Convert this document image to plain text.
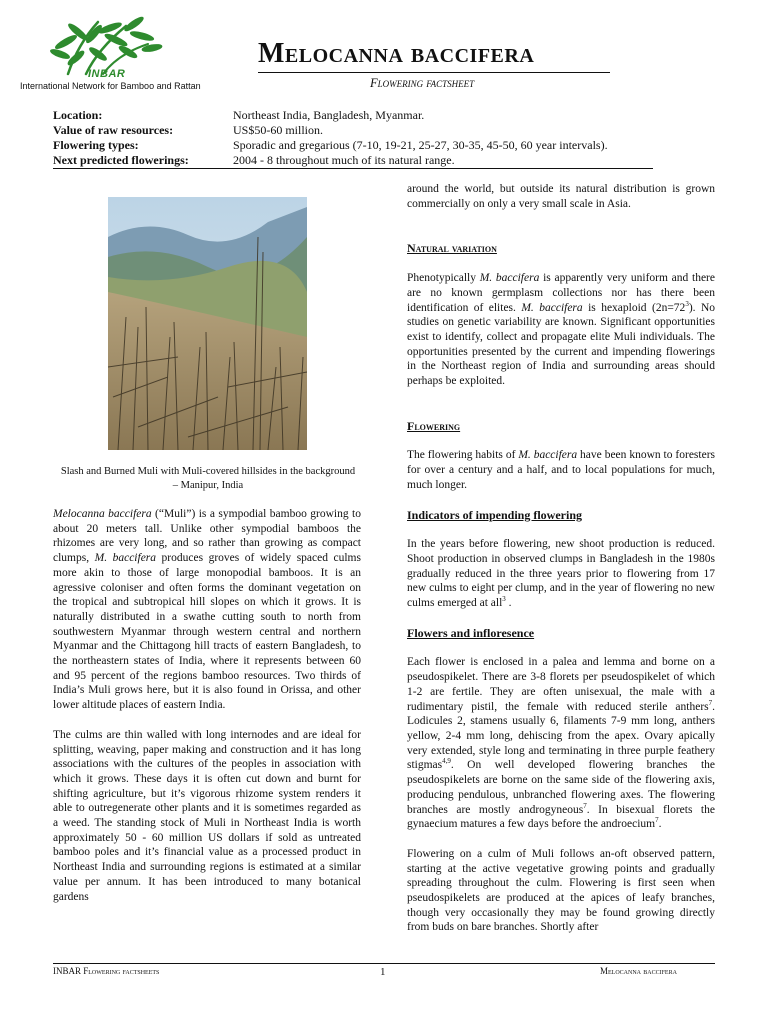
INBAR
International Network for Bamboo and Rattan
Melocanna baccifera
Flowering factsheet
Location:	Northeast India, Bangladesh, Myanmar.
Value of raw resources:	US$50-60 million.
Flowering types:	Sporadic and gregarious (7-10, 19-21, 25-27, 30-35, 45-50, 60 year intervals).
Next predicted flowerings:	2004 - 8 throughout much of its natural range.
Slash and Burned Muli with Muli-covered hillsides in the background – Manipur, India

Melocanna baccifera (“Muli”) is a sympodial bamboo growing to about 20 meters tall. Unlike other sympodial bamboos the rhizomes are very long, and so rather than growing as compact clumps, M. baccifera produces groves of widely spaced culms more akin to those of large monopodial bamboos. It is an agressive coloniser and often forms the dominant vegetation on the tropical and subtropical hill slopes on which it grows. It is naturally distributed in a swathe cutting south to north from southwestern Myanmar through western central and northern Myanmar and the Chittagong hill tracts of eastern Bangladesh, to the northeastern states of India, where it represents between 60 and 95 percent of the regions bamboo resources. Two thirds of India’s Muli grows here, but it is also found in Orissa, and other lower altitude places of eastern India.

The culms are thin walled with long internodes and are ideal for splitting, weaving, paper making and construction and it has long associations with the cultures of the peoples in association with which it grows. These days it is often cut down and burnt for shifting agriculture, but it’s vigorous rhizome system renders it able to outregenerate other plants and it is sometimes regarded as a weed. The standing stock of Muli in Northeast India is worth approximately 50 - 60 million US dollars if sold as untreated bamboo poles and it’s financial value as a processed product in Northeast India and surrounding regions is estimated at a similar value per annum. It has been introduced to many botanical gardens

around the world, but outside its natural distribution is grown commercially on only a very small scale in Asia.

Natural variation

Phenotypically M. baccifera is apparently very uniform and there are no known germplasm collections nor has there been identification of elites. M. baccifera is hexaploid $(2n=72^3)$. No studies on genetic variability are known. Significant opportunities exist to identify, collect and propagate elite Muli individuals. The opportunities presented by the current and impending flowerings in the Northeast region of India and surrounding areas should perhaps be exploited.

Flowering

The flowering habits of M. baccifera have been known to foresters for over a century and a half, and to local populations for much, much longer.

Indicators of impending flowering

In the years before flowering, new shoot production is reduced. Shoot production in observed clumps in Bangladesh in the 1980s gradually reduced in the three years prior to flowering from 17 new culms to eight per clump, and in the year of flowering no new culms emerged at all$^3$ .

Flowers and infloresence

Each flower is enclosed in a palea and lemma and borne on a pseudospikelet. There are 3-8 florets per pseudospikelet of which 1-2 are fertile. They are often unisexual, the male with a rudimentary pistil, the female with reduced sterile anthers$^7$. Lodicules 2, stamens usually 6, filaments 7-9 mm long, anthers yellow, 2-4 mm long, dehiscing from the apex. Ovary apically very extended, style long and terminating in three purple feathery stigmas$^{4,9}$. On well developed flowering branches the pseudospikelets are borne on the same side of the flowering axis, producing pendulous, unbranched flowering axes. The flowering branches are mostly androgyneous$^7$. In bisexual florets the gynaecium matures a few days before the androecium$^7$.

Flowering on a culm of Muli follows an-oft observed pattern, starting at the active vegetative growing points and gradually spreading throughout the culm. Flowering is first seen when pseudospikelets are produced at the apices of leafy branches, though very occasionally they may be found growing directly from buds on bare branches. Shortly after

INBAR Flowering factsheets	1	Melocanna baccifera
